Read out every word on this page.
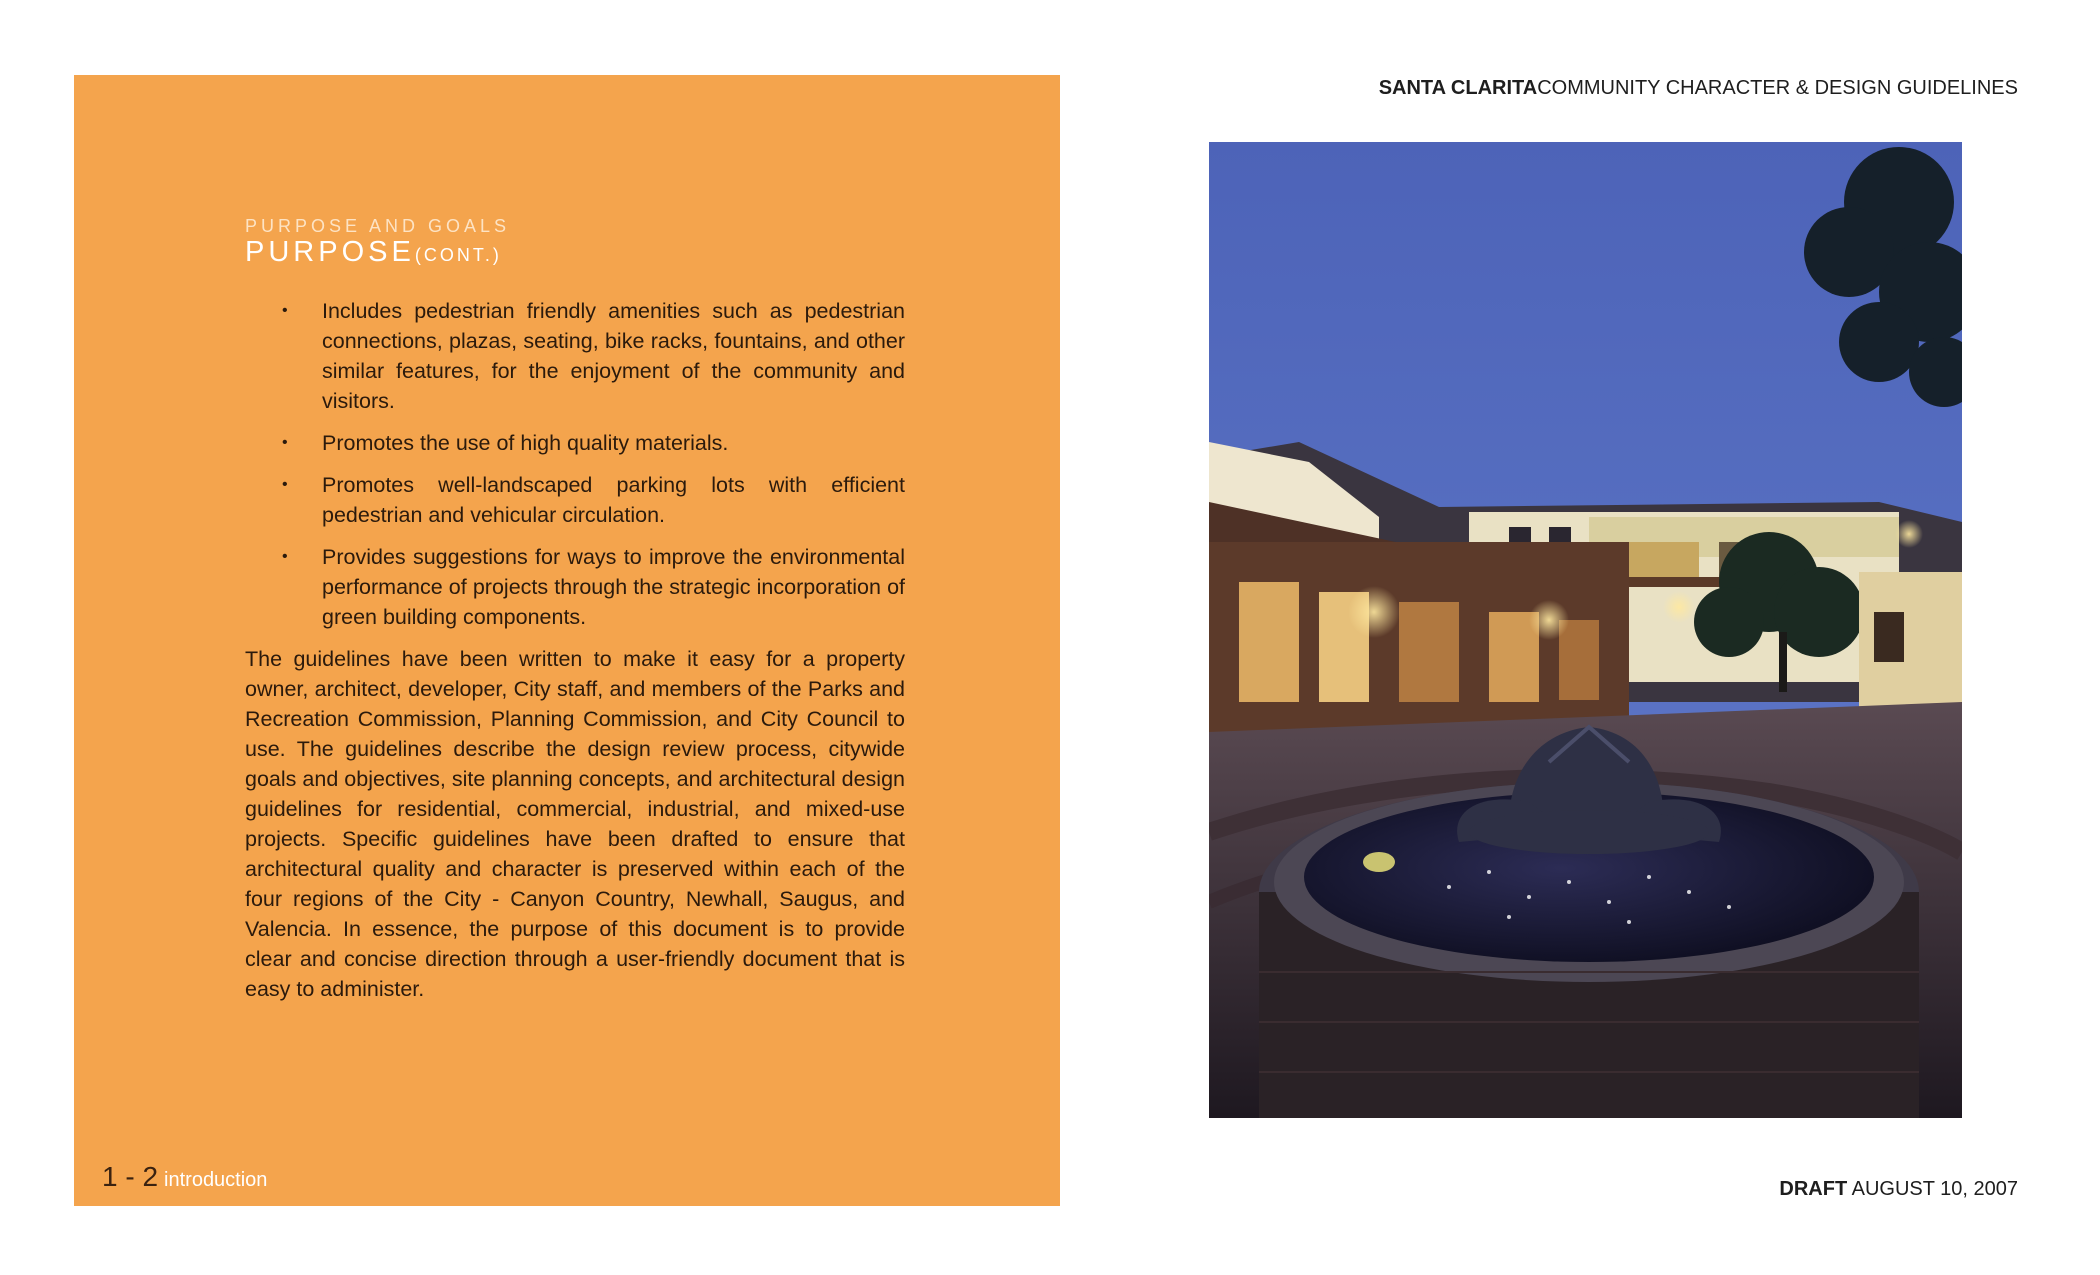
PURPOSE AND GOALS
PURPOSE(CONT.)
• Includes pedestrian friendly amenities such as pedestrian connections, plazas, seating, bike racks, fountains, and other similar features, for the enjoyment of the community and visitors.
• Promotes the use of high quality materials.
• Promotes well-landscaped parking lots with efficient pedestrian and vehicular circulation.
• Provides suggestions for ways to improve the environmental performance of projects through the strategic incorporation of green building components.

The guidelines have been written to make it easy for a property owner, architect, developer, City staff, and members of the Parks and Recreation Commission, Planning Commission, and City Council to use. The guidelines describe the design review process, citywide goals and objectives, site planning concepts, and architectural design guidelines for residential, commercial, industrial, and mixed-use projects. Specific guidelines have been drafted to ensure that architectural quality and character is preserved within each of the four regions of the City - Canyon Country, Newhall, Saugus, and Valencia. In essence, the purpose of this document is to provide clear and concise direction through a user-friendly document that is easy to administer.

1 - 2 introduction
SANTA CLARITACOMMUNITY CHARACTER & DESIGN GUIDELINES
DRAFT AUGUST 10, 2007
